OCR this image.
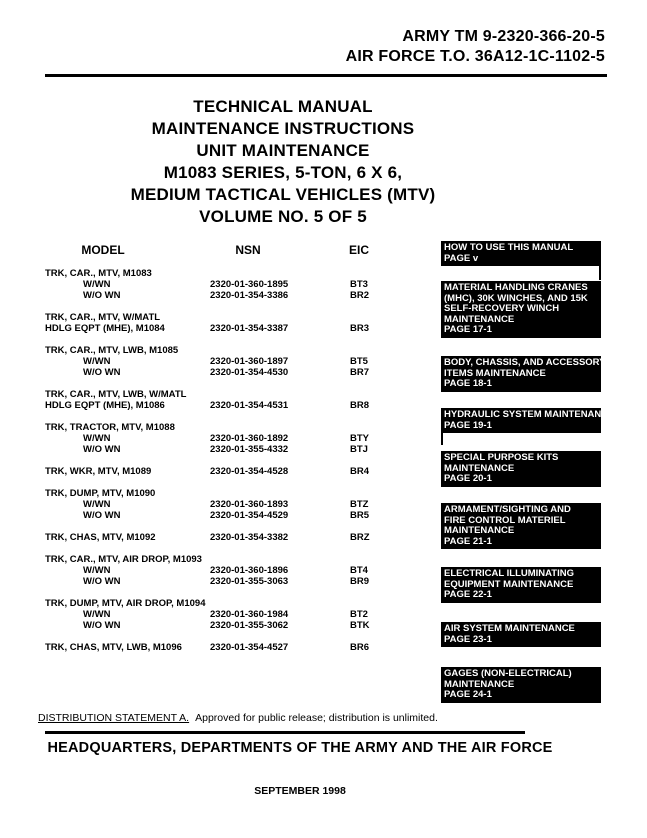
ARMY TM 9-2320-366-20-5
AIR FORCE T.O. 36A12-1C-1102-5
TECHNICAL MANUAL
MAINTENANCE INSTRUCTIONS
UNIT MAINTENANCE
M1083 SERIES, 5-TON, 6 X 6,
MEDIUM TACTICAL VEHICLES (MTV)
VOLUME NO. 5 OF 5
MODEL	NSN	EIC
TRK, CAR., MTV, M1083
W/WN	2320-01-360-1895	BT3
W/O WN	2320-01-354-3386	BR2
TRK, CAR., MTV, W/MATL
HDLG EQPT (MHE), M1084	2320-01-354-3387	BR3
TRK, CAR., MTV, LWB, M1085
W/WN	2320-01-360-1897	BT5
W/O WN	2320-01-354-4530	BR7
TRK, CAR., MTV, LWB, W/MATL
HDLG EQPT (MHE), M1086	2320-01-354-4531	BR8
TRK, TRACTOR, MTV, M1088
W/WN	2320-01-360-1892	BTY
W/O WN	2320-01-355-4332	BTJ
TRK, WKR, MTV, M1089	2320-01-354-4528	BR4
TRK, DUMP, MTV, M1090
W/WN	2320-01-360-1893	BTZ
W/O WN	2320-01-354-4529	BR5
TRK, CHAS, MTV, M1092	2320-01-354-3382	BRZ
TRK, CAR., MTV, AIR DROP, M1093
W/WN	2320-01-360-1896	BT4
W/O WN	2320-01-355-3063	BR9
TRK, DUMP, MTV, AIR DROP, M1094
W/WN	2320-01-360-1984	BT2
W/O WN	2320-01-355-3062	BTK
TRK, CHAS, MTV, LWB, M1096	2320-01-354-4527	BR6
HOW TO USE THIS MANUAL
PAGE v
MATERIAL HANDLING CRANES
(MHC), 30K WINCHES, AND 15K
SELF-RECOVERY WINCH
MAINTENANCE
PAGE 17-1
BODY, CHASSIS, AND ACCESSORY
ITEMS MAINTENANCE
PAGE 18-1
HYDRAULIC SYSTEM MAINTENANCE
PAGE 19-1
SPECIAL PURPOSE KITS
MAINTENANCE
PAGE 20-1
ARMAMENT/SIGHTING AND
FIRE CONTROL MATERIEL
MAINTENANCE
PAGE 21-1
ELECTRICAL ILLUMINATING
EQUIPMENT MAINTENANCE
PAGE 22-1
AIR SYSTEM MAINTENANCE
PAGE 23-1
GAGES (NON-ELECTRICAL)
MAINTENANCE
PAGE 24-1
DISTRIBUTION STATEMENT A. Approved for public release; distribution is unlimited.
HEADQUARTERS, DEPARTMENTS OF THE ARMY AND THE AIR FORCE
SEPTEMBER 1998
